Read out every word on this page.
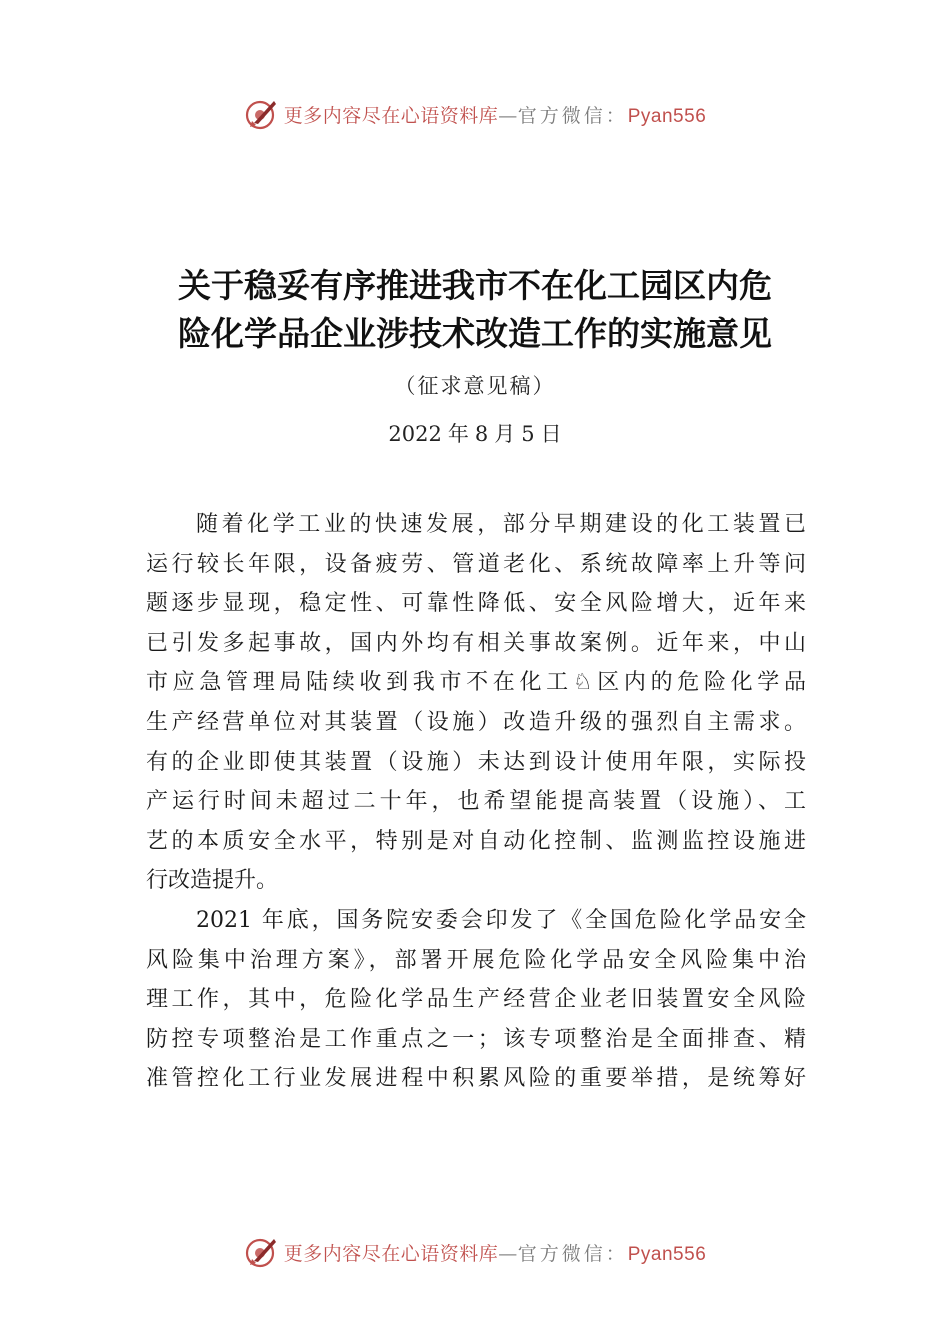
更多内容尽在心语资料库—官方微信：Pyan556
关于稳妥有序推进我市不在化工园区内危
险化学品企业涉技术改造工作的实施意见
（征求意见稿）
2022 年 8 月 5 日
随着化学工业的快速发展，部分早期建设的化工装置已
运行较长年限，设备疲劳、管道老化、系统故障率上升等问
题逐步显现，稳定性、可靠性降低、安全风险增大，近年来
已引发多起事故，国内外均有相关事故案例。近年来，中山
市应急管理局陆续收到我市不在化工♘区内的危险化学品
生产经营单位对其装置（设施）改造升级的强烈自主需求。
有的企业即使其装置（设施）未达到设计使用年限，实际投
产运行时间未超过二十年，也希望能提高装置（设施）、工
艺的本质安全水平，特别是对自动化控制、监测监控设施进
行改造提升。
2021 年底，国务院安委会印发了《全国危险化学品安全
风险集中治理方案》，部署开展危险化学品安全风险集中治
理工作，其中，危险化学品生产经营企业老旧装置安全风险
防控专项整治是工作重点之一；该专项整治是全面排查、精
准管控化工行业发展进程中积累风险的重要举措，是统筹好
更多内容尽在心语资料库—官方微信：Pyan556
